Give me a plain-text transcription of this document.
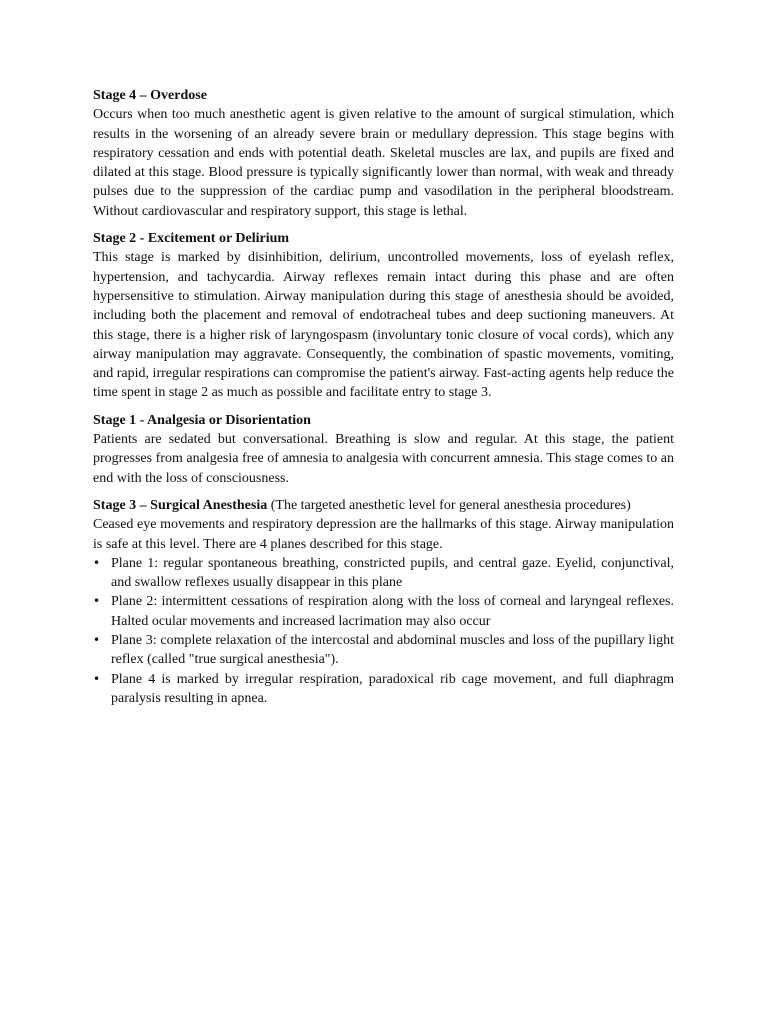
Stage 4 – Overdose

Occurs when too much anesthetic agent is given relative to the amount of surgical stimulation, which results in the worsening of an already severe brain or medullary depression. This stage begins with respiratory cessation and ends with potential death. Skeletal muscles are lax, and pupils are fixed and dilated at this stage. Blood pressure is typically significantly lower than normal, with weak and thready pulses due to the suppression of the cardiac pump and vasodilation in the peripheral bloodstream. Without cardiovascular and respiratory support, this stage is lethal.

Stage 2 - Excitement or Delirium

This stage is marked by disinhibition, delirium, uncontrolled movements, loss of eyelash reflex, hypertension, and tachycardia. Airway reflexes remain intact during this phase and are often hypersensitive to stimulation. Airway manipulation during this stage of anesthesia should be avoided, including both the placement and removal of endotracheal tubes and deep suctioning maneuvers. At this stage, there is a higher risk of laryngospasm (involuntary tonic closure of vocal cords), which any airway manipulation may aggravate. Consequently, the combination of spastic movements, vomiting, and rapid, irregular respirations can compromise the patient's airway. Fast-acting agents help reduce the time spent in stage 2 as much as possible and facilitate entry to stage 3.

Stage 1 - Analgesia or Disorientation

Patients are sedated but conversational. Breathing is slow and regular. At this stage, the patient progresses from analgesia free of amnesia to analgesia with concurrent amnesia. This stage comes to an end with the loss of consciousness.

Stage 3 – Surgical Anesthesia (The targeted anesthetic level for general anesthesia procedures)

Ceased eye movements and respiratory depression are the hallmarks of this stage. Airway manipulation is safe at this level. There are 4 planes described for this stage.

• Plane 1: regular spontaneous breathing, constricted pupils, and central gaze. Eyelid, conjunctival, and swallow reflexes usually disappear in this plane
• Plane 2: intermittent cessations of respiration along with the loss of corneal and laryngeal reflexes. Halted ocular movements and increased lacrimation may also occur
• Plane 3: complete relaxation of the intercostal and abdominal muscles and loss of the pupillary light reflex (called "true surgical anesthesia").
• Plane 4 is marked by irregular respiration, paradoxical rib cage movement, and full diaphragm paralysis resulting in apnea.
